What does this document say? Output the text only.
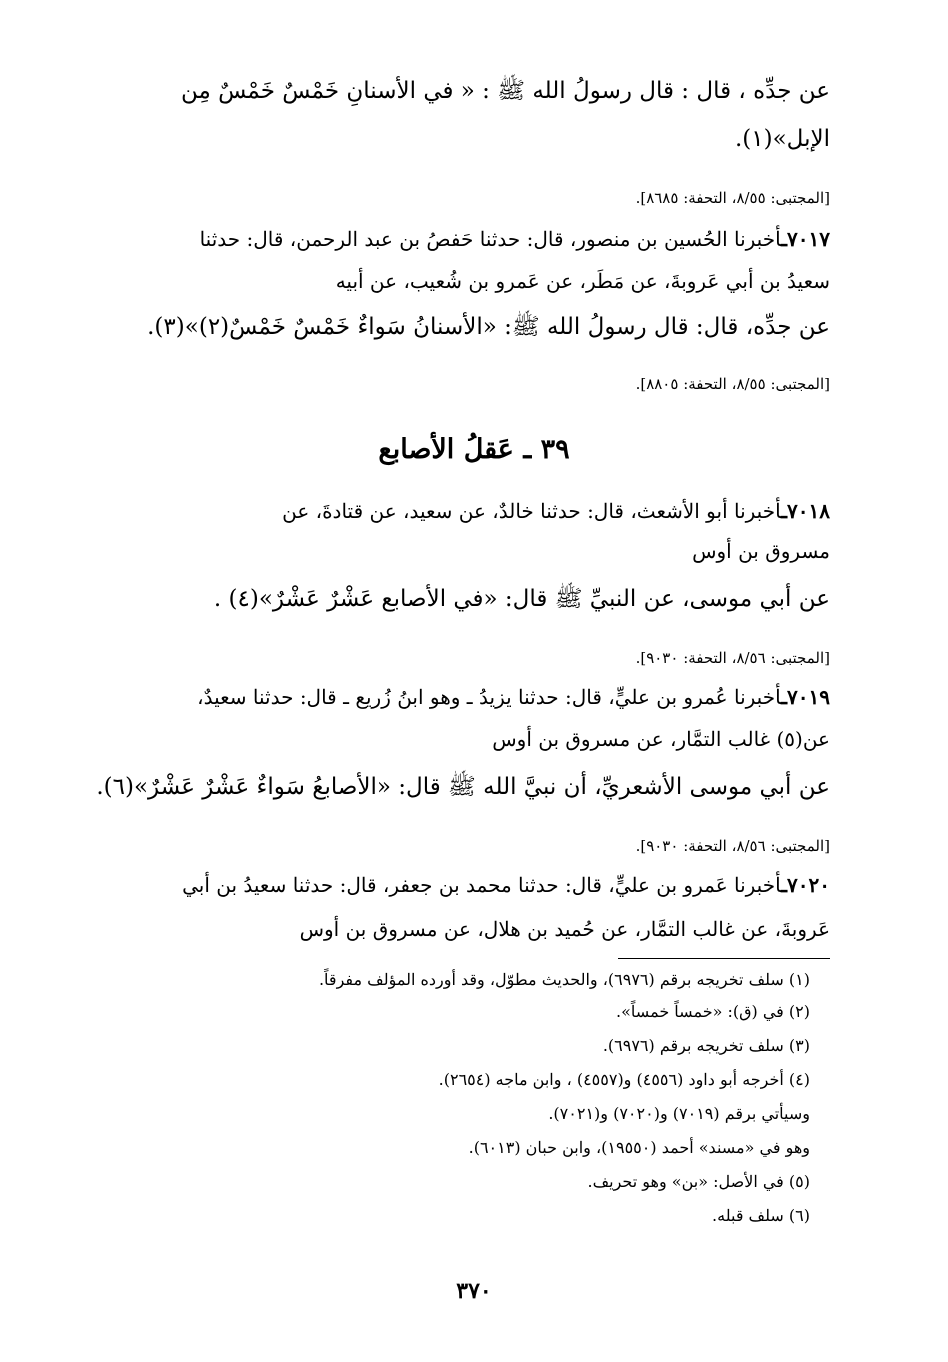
عن جدِّه ، قال : قال رسولُ الله ﷺ : « في الأسنانِ خَمْسٌ خَمْسٌ مِن
الإبل»(١).
[المجتبى: ٨/٥٥، التحفة: ٨٦٨٥].
٧٠١٧ـأخبرنا الحُسين بن منصور، قال: حدثنا حَفصُ بن عبد الرحمن، قال: حدثنا
سعيدُ بن أبي عَروبةَ، عن مَطَر، عن عَمرو بن شُعيب، عن أبيه
عن جدِّه، قال: قال رسولُ الله ﷺ: «الأسنانُ سَواءٌ خَمْسٌ خَمْسٌ(٢)»(٣).
[المجتبى: ٨/٥٥، التحفة: ٨٨٠٥].
٣٩ ـ عَقلُ الأصابع
٧٠١٨ـأخبرنا أبو الأشعث، قال: حدثنا خالدٌ، عن سعيد، عن قتادةَ، عن
مسروق بن أوس
عن أبي موسى، عن النبيِّ ﷺ قال: «في الأصابع عَشْرٌ عَشْرٌ»(٤) .
[المجتبى: ٨/٥٦، التحفة: ٩٠٣٠].
٧٠١٩ـأخبرنا عُمرو بن عليٍّ، قال: حدثنا يزيدُ ـ وهو ابنُ زُريع ـ قال: حدثنا سعيدٌ،
عن(٥) غالب التمَّار، عن مسروق بن أوس
عن أبي موسى الأشعريِّ، أن نبيَّ الله ﷺ قال: «الأصابعُ سَواءٌ عَشْرٌ عَشْرٌ»(٦).
[المجتبى: ٨/٥٦، التحفة: ٩٠٣٠].
٧٠٢٠ـأخبرنا عَمرو بن عليٍّ، قال: حدثنا محمد بن جعفر، قال: حدثنا سعيدُ بن أبي
عَروبةَ، عن غالب التمَّار، عن حُميد بن هلال، عن مسروق بن أوس
(١) سلف تخريجه برقم (٦٩٧٦)، والحديث مطوّل، وقد أورده المؤلف مفرقاً.
(٢) في (ق): «خمساً خمساً».
(٣) سلف تخريجه برقم (٦٩٧٦).
(٤) أخرجه أبو داود (٤٥٥٦) و(٤٥٥٧) ، وابن ماجه (٢٦٥٤).
وسيأتي برقم (٧٠١٩) و(٧٠٢٠) و(٧٠٢١).
وهو في «مسند» أحمد (١٩٥٥٠)، وابن حبان (٦٠١٣).
(٥) في الأصل: «بن» وهو تحريف.
(٦) سلف قبله.
٣٧٠
